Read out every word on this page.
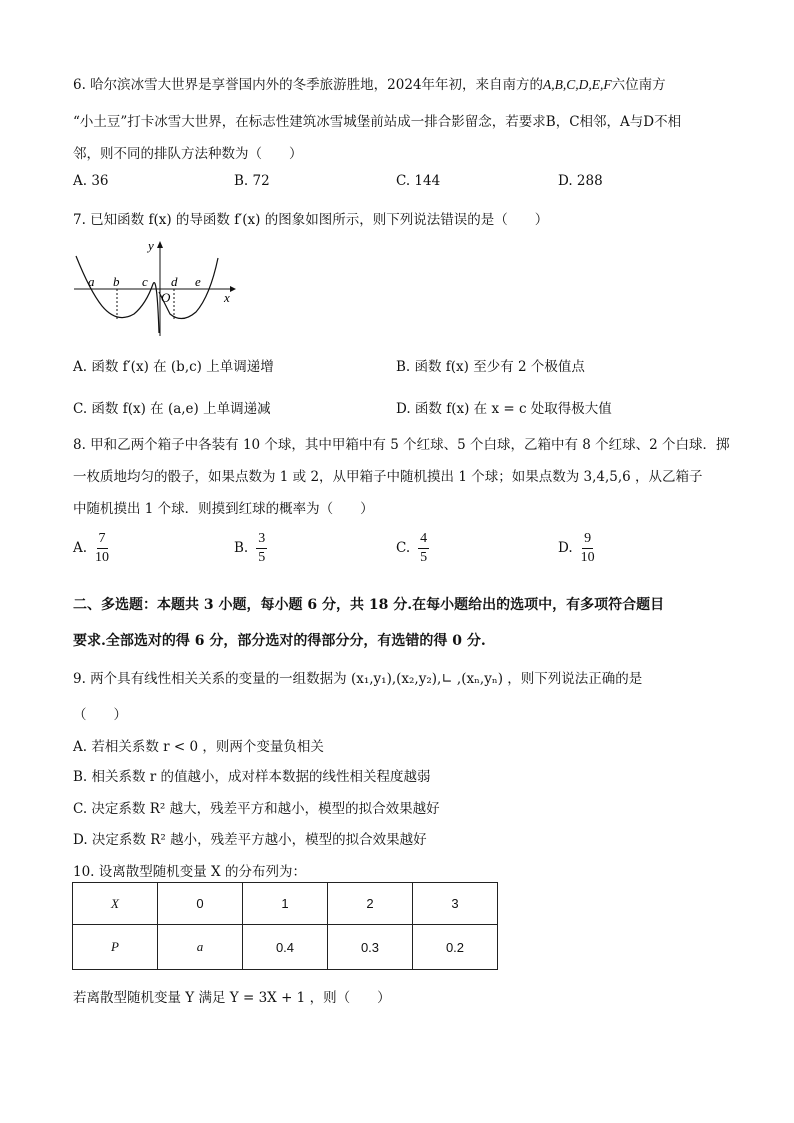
6. 哈尔滨冰雪大世界是享誉国内外的冬季旅游胜地，2024年年初，来自南方的A,B,C,D,E,F六位南方
“小土豆”打卡冰雪大世界，在标志性建筑冰雪城堡前站成一排合影留念，若要求B，C相邻，A与D不相
邻，则不同的排队方法种数为（　　）
A. 36	B. 72	C. 144	D. 288
7. 已知函数 f(x) 的导函数 f′(x) 的图象如图所示，则下列说法错误的是（　　）
y
x
O
a b c d e
A. 函数 f′(x) 在 (b,c) 上单调递增	B. 函数 f(x) 至少有 2 个极值点
C. 函数 f(x) 在 (a,e) 上单调递减	D. 函数 f(x) 在 x = c 处取得极大值
8. 甲和乙两个箱子中各装有 10 个球，其中甲箱中有 5 个红球、5 个白球，乙箱中有 8 个红球、2 个白球．掷
一枚质地均匀的骰子，如果点数为 1 或 2，从甲箱子中随机摸出 1 个球；如果点数为 3,4,5,6 ，从乙箱子
中随机摸出 1 个球．则摸到红球的概率为（　　）
A. $\frac{7}{10}$	B. $\frac{3}{5}$	C. $\frac{4}{5}$	D. $\frac{9}{10}$
二、多选题：本题共 3 小题，每小题 6 分，共 18 分.在每小题给出的选项中，有多项符合题目
要求.全部选对的得 6 分，部分选对的得部分分，有选错的得 0 分.
9. 两个具有线性相关关系的变量的一组数据为 (x₁,y₁),(x₂,y₂),∟ ,(xₙ,yₙ) ，则下列说法正确的是
（　　）
A. 若相关系数 r < 0 ，则两个变量负相关
B. 相关系数 r 的值越小，成对样本数据的线性相关程度越弱
C. 决定系数 R² 越大，残差平方和越小，模型的拟合效果越好
D. 决定系数 R² 越小，残差平方越小，模型的拟合效果越好
10. 设离散型随机变量 X 的分布列为：
X	0	1	2	3
P	a	0.4	0.3	0.2
若离散型随机变量 Y 满足 Y = 3X + 1 ，则（　　）
